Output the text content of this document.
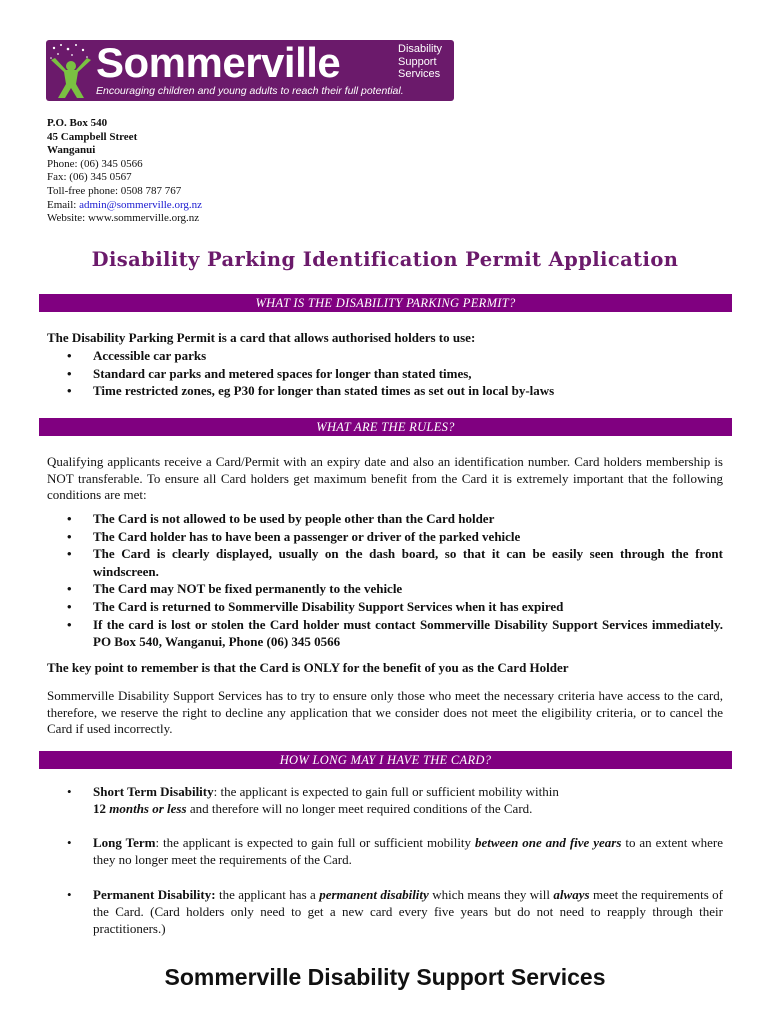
Sommerville	Disability
Support
Services
Encouraging children and young adults to reach their full potential.
P.O. Box 540
45 Campbell Street
Wanganui
Phone: (06) 345 0566
Fax: (06) 345 0567
Toll-free phone: 0508 787 767
Email: admin@sommerville.org.nz
Website: www.sommerville.org.nz
Disability Parking Identification Permit Application
WHAT IS THE DISABILITY PARKING PERMIT?
The Disability Parking Permit is a card that allows authorised holders to use:
• Accessible car parks
• Standard car parks and metered spaces for longer than stated times,
• Time restricted zones, eg P30 for longer than stated times as set out in local by-laws
WHAT ARE THE RULES?
Qualifying applicants receive a Card/Permit with an expiry date and also an identification number. Card holders membership is NOT transferable. To ensure all Card holders get maximum benefit from the Card it is extremely important that the following conditions are met:
• The Card is not allowed to be used by people other than the Card holder
• The Card holder has to have been a passenger or driver of the parked vehicle
• The Card is clearly displayed, usually on the dash board, so that it can be easily seen through the front windscreen.
• The Card may NOT be fixed permanently to the vehicle
• The Card is returned to Sommerville Disability Support Services when it has expired
• If the card is lost or stolen the Card holder must contact Sommerville Disability Support Services immediately. PO Box 540, Wanganui, Phone (06) 345 0566
The key point to remember is that the Card is ONLY for the benefit of you as the Card Holder
Sommerville Disability Support Services has to try to ensure only those who meet the necessary criteria have access to the card, therefore, we reserve the right to decline any application that we consider does not meet the eligibility criteria, or to cancel the Card if used incorrectly.
HOW LONG MAY I HAVE THE CARD?
• Short Term Disability: the applicant is expected to gain full or sufficient mobility within
12 months or less and therefore will no longer meet required conditions of the Card.
• Long Term: the applicant is expected to gain full or sufficient mobility between one and five years to an extent where they no longer meet the requirements of the Card.
• Permanent Disability: the applicant has a permanent disability which means they will always meet the requirements of the Card. (Card holders only need to get a new card every five years but do not need to reapply through their practitioners.)
Sommerville Disability Support Services
